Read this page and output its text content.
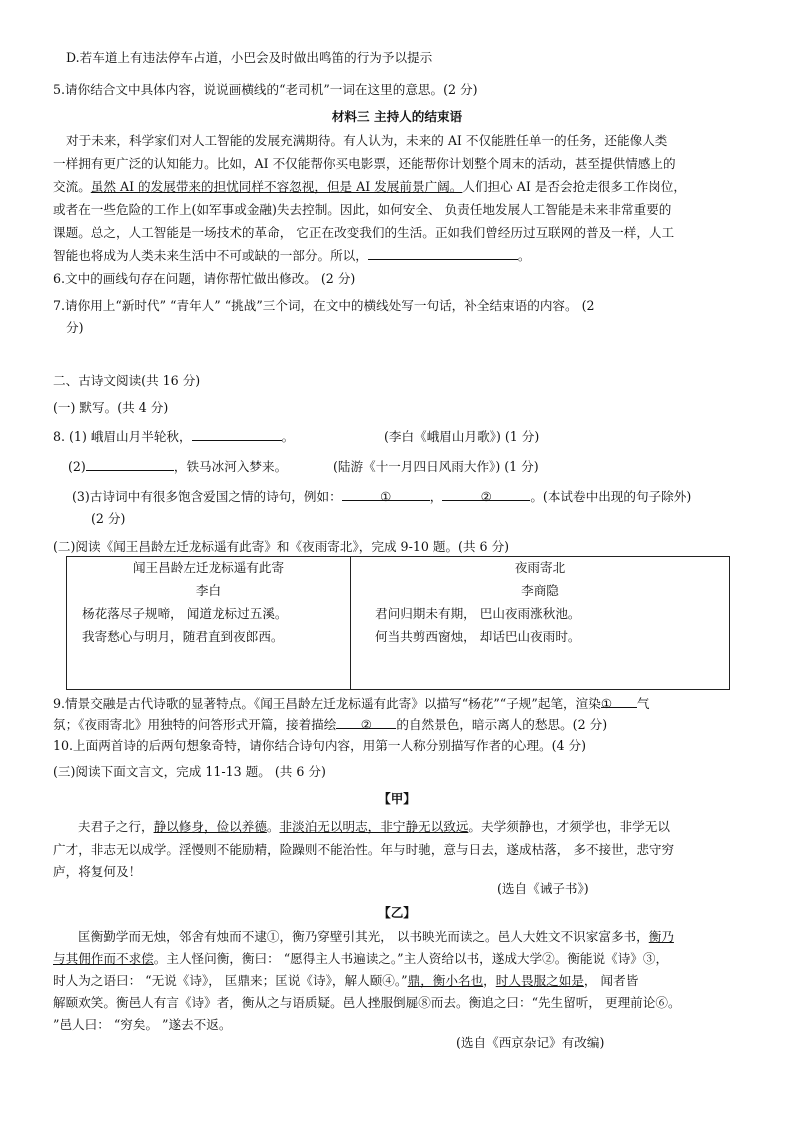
D.若车道上有违法停车占道，小巴会及时做出鸣笛的行为予以提示
5.请你结合文中具体内容，说说画横线的“老司机”一词在这里的意思。(2 分)
材料三 主持人的结束语
对于未来，科学家们对人工智能的发展充满期待。有人认为，未来的 AI 不仅能胜任单一的任务，还能像人类
一样拥有更广泛的认知能力。比如，AI 不仅能帮你买电影票，还能帮你计划整个周末的活动，甚至提供情感上的
交流。虽然 AI 的发展带来的担忧同样不容忽视，但是 AI 发展前景广阔。人们担心 AI 是否会抢走很多工作岗位，
或者在一些危险的工作上(如军事或金融)失去控制。因此，如何安全、 负责任地发展人工智能是未来非常重要的
课题。总之，人工智能是一场技术的革命， 它正在改变我们的生活。正如我们曾经历过互联网的普及一样，人工
智能也将成为人类未来生活中不可或缺的一部分。所以，	。
6.文中的画线句存在问题，请你帮忙做出修改。 (2 分)
7.请你用上“新时代” “青年人” “挑战”三个词，在文中的横线处写一句话，补全结束语的内容。 (2
分)
二、古诗文阅读(共 16 分)
(一) 默写。(共 4 分)
8. (1) 峨眉山月半轮秋，	。	(李白《峨眉山月歌》) (1 分)
(2)	，铁马冰河入梦来。	(陆游《十一月四日风雨大作》) (1 分)
(3)古诗词中有很多饱含爱国之情的诗句，例如：	①	，	②	。(本试卷中出现的句子除外)
(2 分)
(二)阅读《闻王昌龄左迁龙标遥有此寄》和《夜雨寄北》，完成 9-10 题。(共 6 分)
闻王昌龄左迁龙标遥有此寄
李白
杨花落尽子规啼， 闻道龙标过五溪。
我寄愁心与明月，随君直到夜郎西。
夜雨寄北
李商隐
君问归期未有期， 巴山夜雨涨秋池。
何当共剪西窗烛， 却话巴山夜雨时。
9.情景交融是古代诗歌的显著特点。《闻王昌龄左迁龙标遥有此寄》以描写“杨花”“子规”起笔，渲染① 气
氛；《夜雨寄北》用独特的问答形式开篇，接着描绘 ② 的自然景色，暗示离人的愁思。(2 分)
10.上面两首诗的后两句想象奇特，请你结合诗句内容，用第一人称分别描写作者的心理。(4 分)
(三)阅读下面文言文，完成 11-13 题。 (共 6 分)
【甲】
夫君子之行，静以修身，俭以养德。非淡泊无以明志，非宁静无以致远。夫学须静也，才须学也，非学无以
广才，非志无以成学。淫慢则不能励精，险躁则不能治性。年与时驰，意与日去，遂成枯落， 多不接世，悲守穷
庐，将复何及！
(选自《诫子书》)
【乙】
匡衡勤学而无烛，邻舍有烛而不逮①，衡乃穿壁引其光， 以书映光而读之。邑人大姓文不识家富多书，衡乃
与其佣作而不求偿。主人怪问衡，衡曰： “愿得主人书遍读之。”主人资给以书，遂成大学②。衡能说《诗》③，
时人为之语曰： “无说《诗》， 匡鼎来；匡说《诗》，解人颐④。”鼎，衡小名也，时人畏服之如是， 闻者皆
解颐欢笑。衡邑人有言《诗》者，衡从之与语质疑。邑人挫服倒屣⑧而去。衡追之曰：“先生留听， 更理前论⑥。
”邑人曰： “穷矣。 ”遂去不返。
(选自《西京杂记》有改编)
